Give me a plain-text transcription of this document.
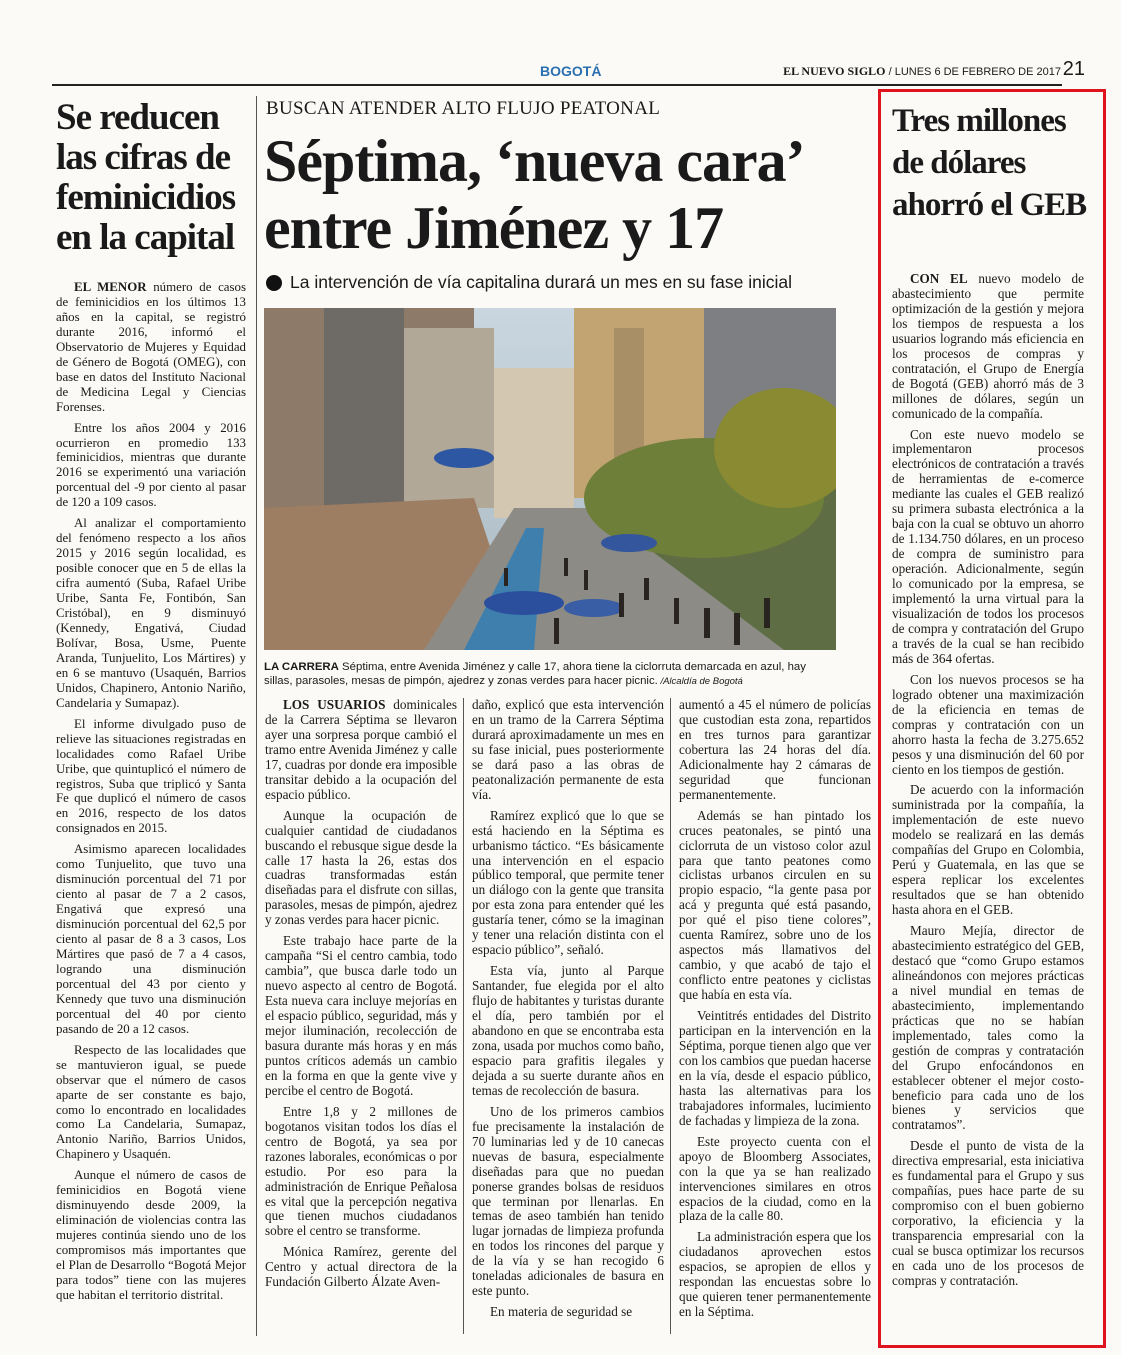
BOGOTÁ	EL NUEVO SIGLO / LUNES 6 DE FEBRERO DE 2017 21
Se reducen las cifras de feminicidios en la capital

EL MENOR número de casos de feminicidios en los últimos 13 años en la capital, se registró durante 2016, informó el Observatorio de Mujeres y Equidad de Género de Bogotá (OMEG), con base en datos del Instituto Nacional de Medicina Legal y Ciencias Forenses.

Entre los años 2004 y 2016 ocurrieron en promedio 133 feminicidios, mientras que durante 2016 se experimentó una variación porcentual del -9 por ciento al pasar de 120 a 109 casos.

Al analizar el comportamiento del fenómeno respecto a los años 2015 y 2016 según localidad, es posible conocer que en 5 de ellas la cifra aumentó (Suba, Rafael Uribe Uribe, Santa Fe, Fontibón, San Cristóbal), en 9 disminuyó (Kennedy, Engativá, Ciudad Bolívar, Bosa, Usme, Puente Aranda, Tunjuelito, Los Mártires) y en 6 se mantuvo (Usaquén, Barrios Unidos, Chapinero, Antonio Nariño, Candelaria y Sumapaz).

El informe divulgado puso de relieve las situaciones registradas en localidades como Rafael Uribe Uribe, que quintuplicó el número de registros, Suba que triplicó y Santa Fe que duplicó el número de casos en 2016, respecto de los datos consignados en 2015.

Asimismo aparecen localidades como Tunjuelito, que tuvo una disminución porcentual del 71 por ciento al pasar de 7 a 2 casos, Engativá que expresó una disminución porcentual del 62,5 por ciento al pasar de 8 a 3 casos, Los Mártires que pasó de 7 a 4 casos, logrando una disminución porcentual del 43 por ciento y Kennedy que tuvo una disminución porcentual del 40 por ciento pasando de 20 a 12 casos.

Respecto de las localidades que se mantuvieron igual, se puede observar que el número de casos aparte de ser constante es bajo, como lo encontrado en localidades como La Candelaria, Sumapaz, Antonio Nariño, Barrios Unidos, Chapinero y Usaquén.

Aunque el número de casos de feminicidios en Bogotá viene disminuyendo desde 2009, la eliminación de violencias contra las mujeres continúa siendo uno de los compromisos más importantes que el Plan de Desarrollo “Bogotá Mejor para todos” tiene con las mujeres que habitan el territorio distrital.

BUSCAN ATENDER ALTO FLUJO PEATONAL
Séptima, ‘nueva cara’ entre Jiménez y 17
La intervención de vía capitalina durará un mes en su fase inicial
LA CARRERA Séptima, entre Avenida Jiménez y calle 17, ahora tiene la ciclorruta demarcada en azul, hay sillas, parasoles, mesas de pimpón, ajedrez y zonas verdes para hacer picnic. /Alcaldía de Bogotá

LOS USUARIOS dominicales de la Carrera Séptima se llevaron ayer una sorpresa porque cambió el tramo entre Avenida Jiménez y calle 17, cuadras por donde era imposible transitar debido a la ocupación del espacio público.

Aunque la ocupación de cualquier cantidad de ciudadanos buscando el rebusque sigue desde la calle 17 hasta la 26, estas dos cuadras transformadas están diseñadas para el disfrute con sillas, parasoles, mesas de pimpón, ajedrez y zonas verdes para hacer picnic.

Este trabajo hace parte de la campaña “Si el centro cambia, todo cambia”, que busca darle todo un nuevo aspecto al centro de Bogotá. Esta nueva cara incluye mejorías en el espacio público, seguridad, más y mejor iluminación, recolección de basura durante más horas y en más puntos críticos además un cambio en la forma en que la gente vive y percibe el centro de Bogotá.

Entre 1,8 y 2 millones de bogotanos visitan todos los días el centro de Bogotá, ya sea por razones laborales, económicas o por estudio. Por eso para la administración de Enrique Peñalosa es vital que la percepción negativa que tienen muchos ciudadanos sobre el centro se transforme.

Mónica Ramírez, gerente del Centro y actual directora de la Fundación Gilberto Álzate Aven-

daño, explicó que esta intervención en un tramo de la Carrera Séptima durará aproximadamente un mes en su fase inicial, pues posteriormente se dará paso a las obras de peatonalización permanente de esta vía.

Ramírez explicó que lo que se está haciendo en la Séptima es urbanismo táctico. “Es básicamente una intervención en el espacio público temporal, que permite tener un diálogo con la gente que transita por esta zona para entender qué les gustaría tener, cómo se la imaginan y tener una relación distinta con el espacio público”, señaló.

Esta vía, junto al Parque Santander, fue elegida por el alto flujo de habitantes y turistas durante el día, pero también por el abandono en que se encontraba esta zona, usada por muchos como baño, espacio para grafitis ilegales y dejada a su suerte durante años en temas de recolección de basura.

Uno de los primeros cambios fue precisamente la instalación de 70 luminarias led y de 10 canecas nuevas de basura, especialmente diseñadas para que no puedan ponerse grandes bolsas de residuos que terminan por llenarlas. En temas de aseo también han tenido lugar jornadas de limpieza profunda en todos los rincones del parque y de la vía y se han recogido 6 toneladas adicionales de basura en este punto.

En materia de seguridad se

aumentó a 45 el número de policías que custodian esta zona, repartidos en tres turnos para garantizar cobertura las 24 horas del día. Adicionalmente hay 2 cámaras de seguridad que funcionan permanentemente.

Además se han pintado los cruces peatonales, se pintó una ciclorruta de un vistoso color azul para que tanto peatones como ciclistas urbanos circulen en su propio espacio, “la gente pasa por acá y pregunta qué está pasando, por qué el piso tiene colores”, cuenta Ramírez, sobre uno de los aspectos más llamativos del cambio, y que acabó de tajo el conflicto entre peatones y ciclistas que había en esta vía.

Veintitrés entidades del Distrito participan en la intervención en la Séptima, porque tienen algo que ver con los cambios que puedan hacerse en la vía, desde el espacio público, hasta las alternativas para los trabajadores informales, lucimiento de fachadas y limpieza de la zona.

Este proyecto cuenta con el apoyo de Bloomberg Associates, con la que ya se han realizado intervenciones similares en otros espacios de la ciudad, como en la plaza de la calle 80.

La administración espera que los ciudadanos aprovechen estos espacios, se apropien de ellos y respondan las encuestas sobre lo que quieren tener permanentemente en la Séptima.

Tres millones de dólares ahorró el GEB

CON EL nuevo modelo de abastecimiento que permite optimización de la gestión y mejora los tiempos de respuesta a los usuarios logrando más eficiencia en los procesos de compras y contratación, el Grupo de Energía de Bogotá (GEB) ahorró más de 3 millones de dólares, según un comunicado de la compañía.

Con este nuevo modelo se implementaron procesos electrónicos de contratación a través de herramientas de e-comerce mediante las cuales el GEB realizó su primera subasta electrónica a la baja con la cual se obtuvo un ahorro de 1.134.750 dólares, en un proceso de compra de suministro para operación. Adicionalmente, según lo comunicado por la empresa, se implementó la urna virtual para la visualización de todos los procesos de compra y contratación del Grupo a través de la cual se han recibido más de 364 ofertas.

Con los nuevos procesos se ha logrado obtener una maximización de la eficiencia en temas de compras y contratación con un ahorro hasta la fecha de 3.275.652 pesos y una disminución del 60 por ciento en los tiempos de gestión.

De acuerdo con la información suministrada por la compañía, la implementación de este nuevo modelo se realizará en las demás compañías del Grupo en Colombia, Perú y Guatemala, en las que se espera replicar los excelentes resultados que se han obtenido hasta ahora en el GEB.

Mauro Mejía, director de abastecimiento estratégico del GEB, destacó que “como Grupo estamos alineándonos con mejores prácticas a nivel mundial en temas de abastecimiento, implementando prácticas que no se habían implementado, tales como la gestión de compras y contratación del Grupo enfocándonos en establecer obtener el mejor costo-beneficio para cada uno de los bienes y servicios que contratamos”.

Desde el punto de vista de la directiva empresarial, esta iniciativa es fundamental para el Grupo y sus compañías, pues hace parte de su compromiso con el buen gobierno corporativo, la eficiencia y la transparencia empresarial con la cual se busca optimizar los recursos en cada uno de los procesos de compras y contratación.
